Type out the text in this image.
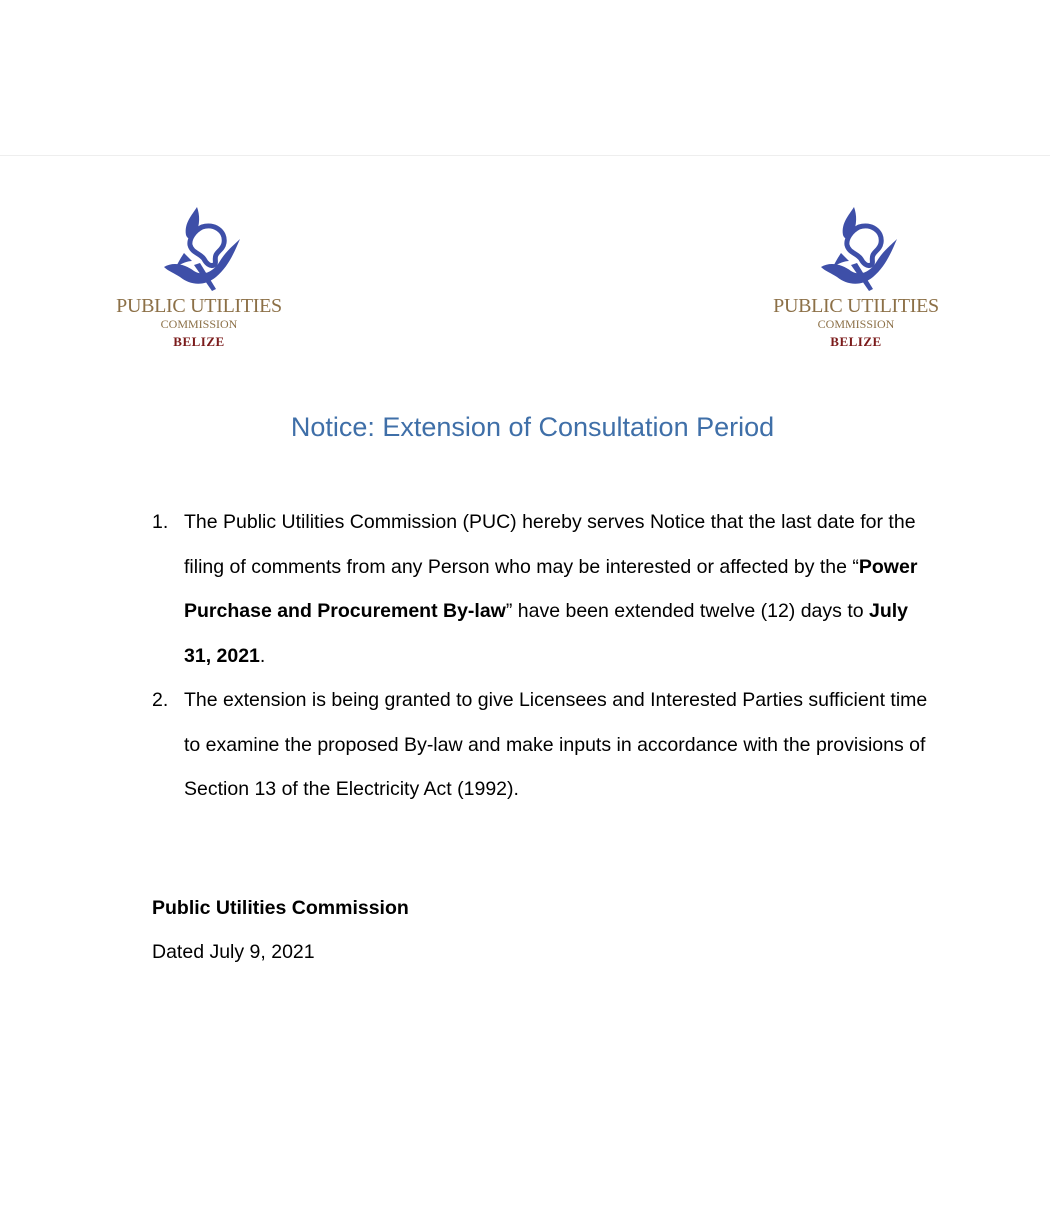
PUBLIC UTILITIES
COMMISSION
BELIZE
PUBLIC UTILITIES
COMMISSION
BELIZE
Notice: Extension of Consultation Period
1. The Public Utilities Commission (PUC) hereby serves Notice that the last date for the filing of comments from any Person who may be interested or affected by the “Power Purchase and Procurement By-law” have been extended twelve (12) days to July 31, 2021.
2. The extension is being granted to give Licensees and Interested Parties sufficient time to examine the proposed By-law and make inputs in accordance with the provisions of Section 13 of the Electricity Act (1992).
Public Utilities Commission
Dated July 9, 2021
